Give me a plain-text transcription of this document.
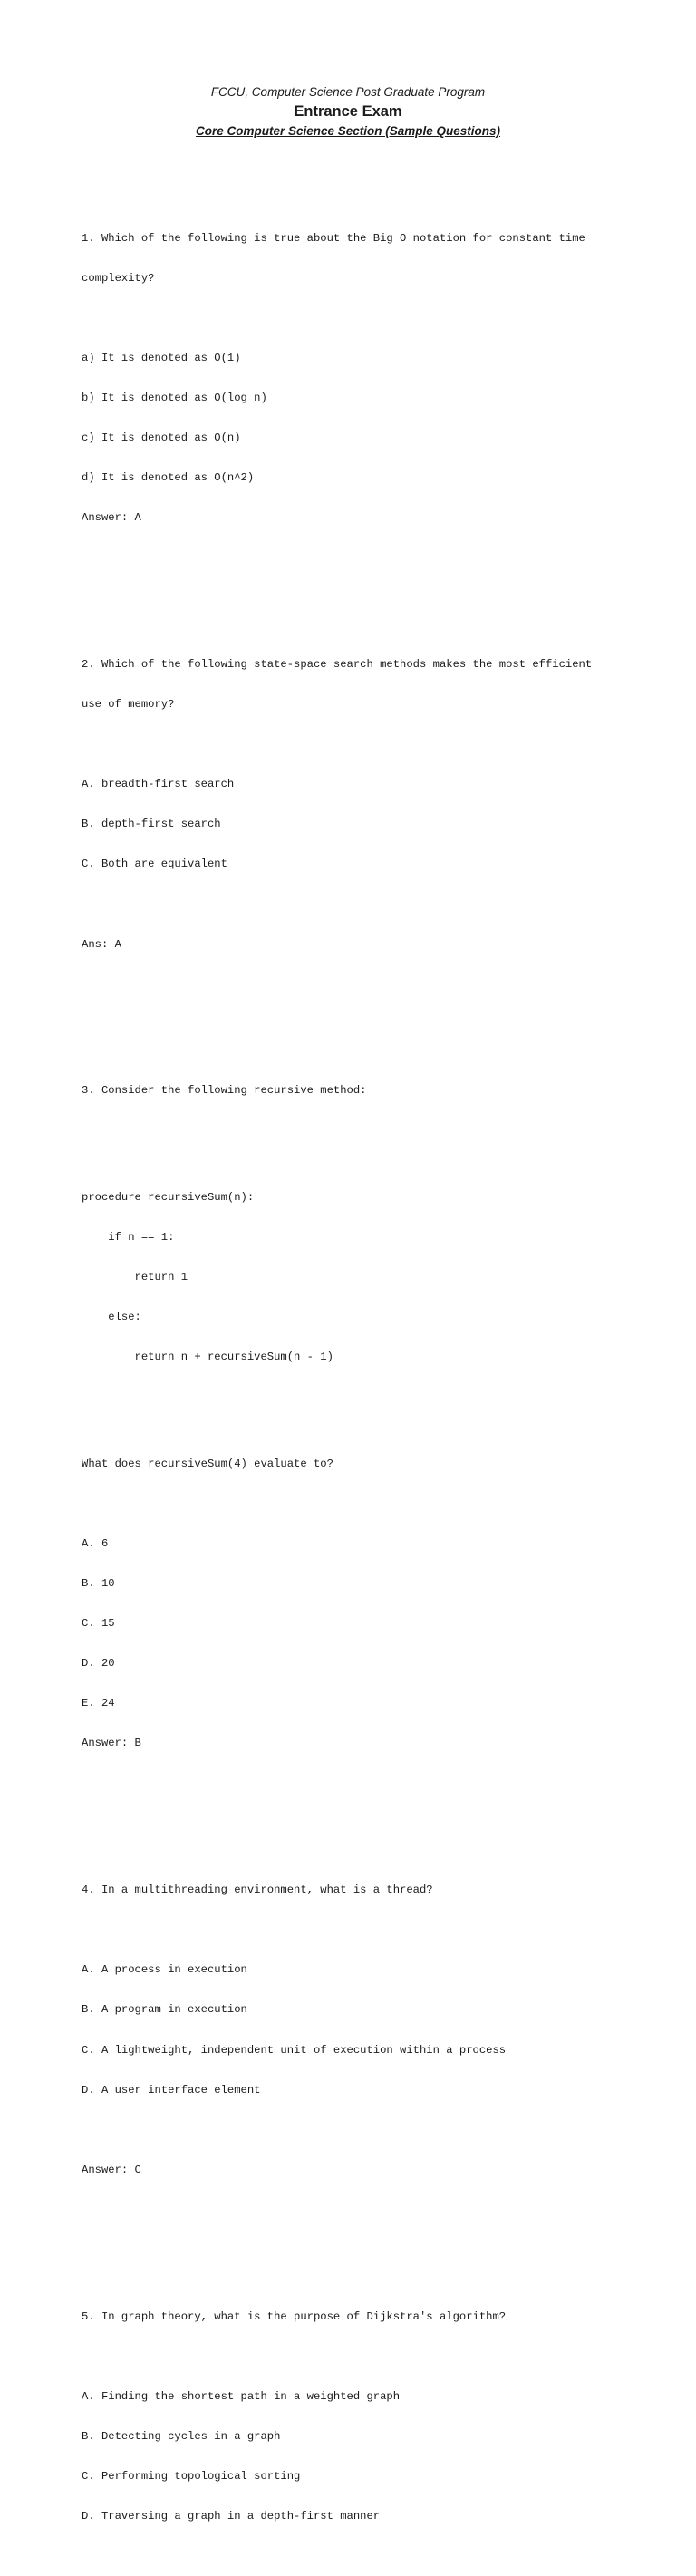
FCCU, Computer Science Post Graduate Program
Entrance Exam
Core Computer Science Section (Sample Questions)

1. Which of the following is true about the Big O notation for constant time

complexity?

a) It is denoted as O(1)

b) It is denoted as O(log n)

c) It is denoted as O(n)

d) It is denoted as O(n^2)

Answer: A

2. Which of the following state-space search methods makes the most efficient

use of memory?

A. breadth-first search

B. depth-first search

C. Both are equivalent

Ans: A

3. Consider the following recursive method:

procedure recursiveSum(n):

if n == 1:

return 1

else:

return n + recursiveSum(n - 1)

What does recursiveSum(4) evaluate to?

A. 6

B. 10

C. 15

D. 20

E. 24

Answer: B

4. In a multithreading environment, what is a thread?

A. A process in execution

B. A program in execution

C. A lightweight, independent unit of execution within a process

D. A user interface element

Answer: C

5. In graph theory, what is the purpose of Dijkstra's algorithm?

A. Finding the shortest path in a weighted graph

B. Detecting cycles in a graph

C. Performing topological sorting

D. Traversing a graph in a depth-first manner
